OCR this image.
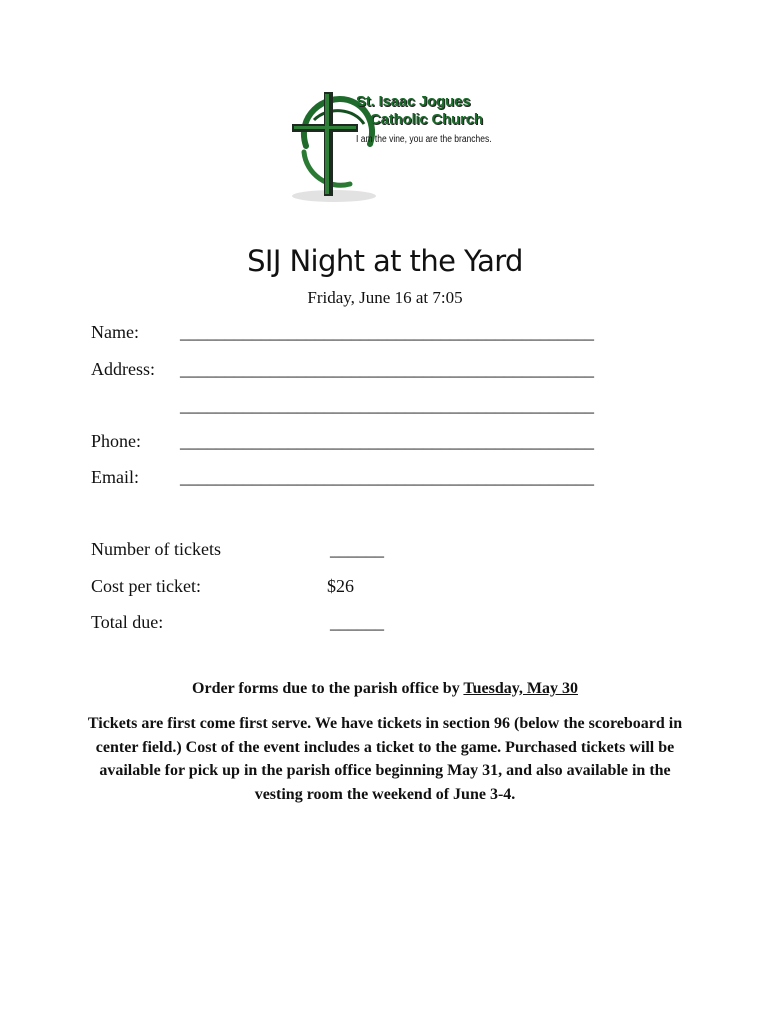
St. Isaac Jogues
Catholic Church
I am the vine, you are the branches.
SIJ Night at the Yard
Friday, June 16 at 7:05
Name: ______________________________________________
Address: ______________________________________________
______________________________________________
Phone: ______________________________________________
Email: ______________________________________________
Number of tickets	______
Cost per ticket:	$26
Total due:	______
Order forms due to the parish office by Tuesday, May 30
Tickets are first come first serve. We have tickets in section 96 (below the scoreboard in center field.) Cost of the event includes a ticket to the game. Purchased tickets will be available for pick up in the parish office beginning May 31, and also available in the vesting room the weekend of June 3-4.
